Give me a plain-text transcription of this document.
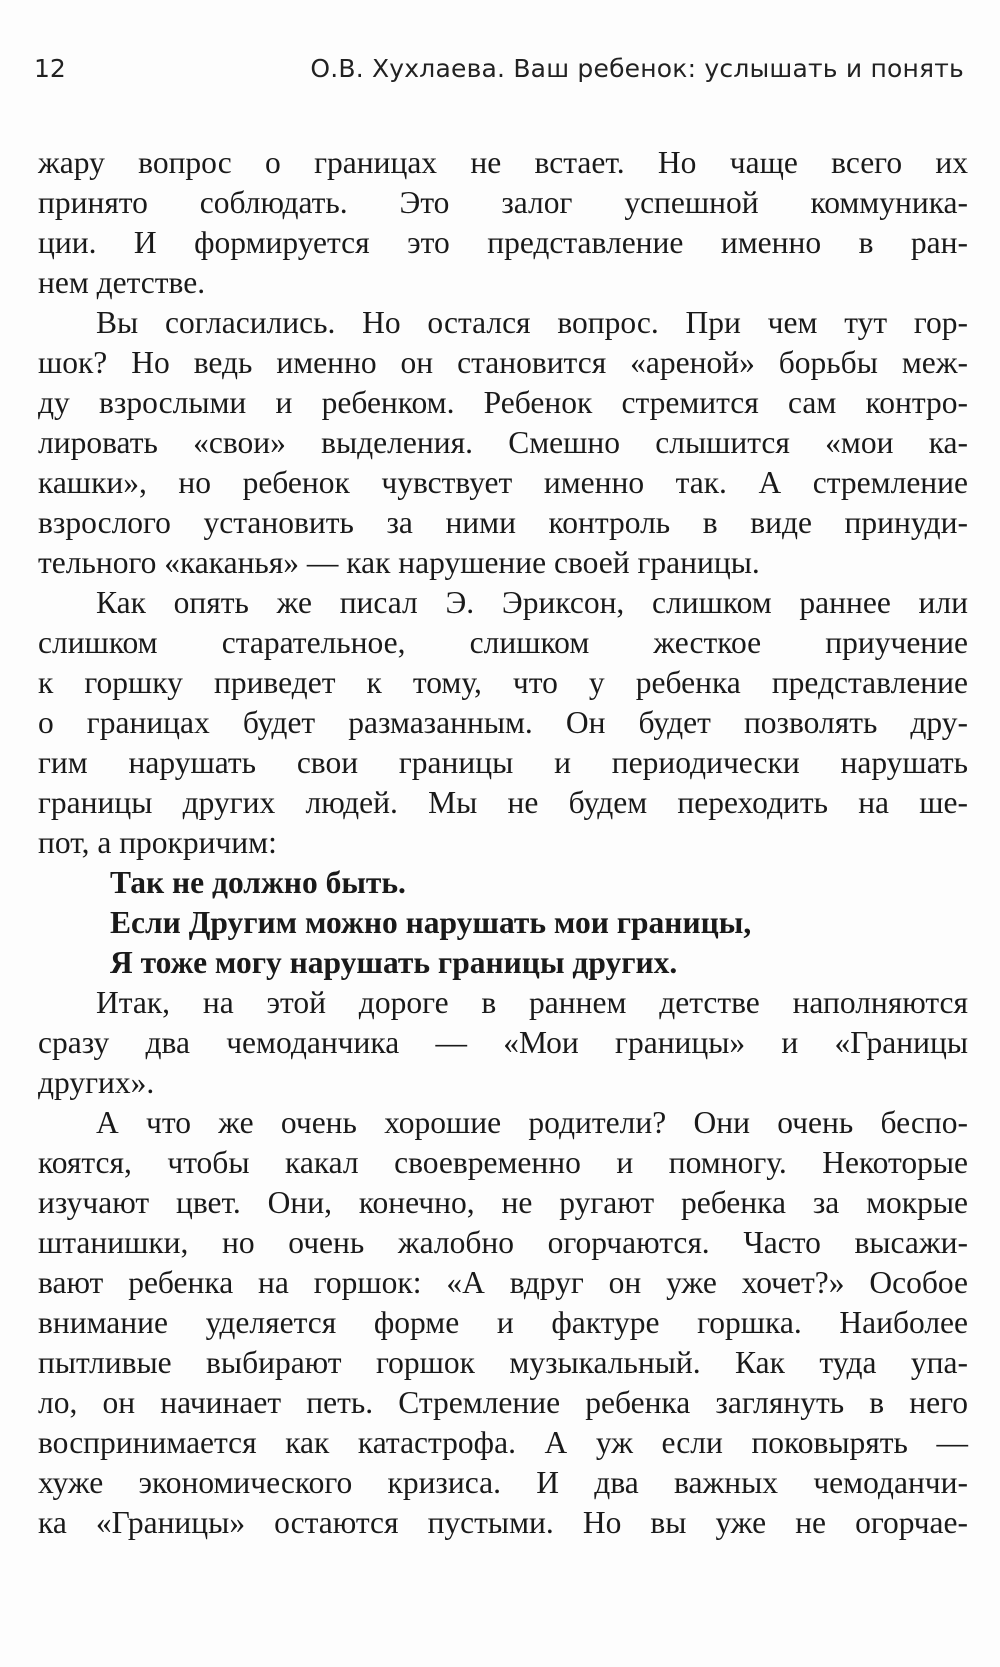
12	О.В. Хухлаева. Ваш ребенок: услышать и понять
жару вопрос о границах не встает. Но чаще всего их
принято соблюдать. Это залог успешной коммуника-
ции. И формируется это представление именно в ран-
нем детстве.
Вы согласились. Но остался вопрос. При чем тут гор-
шок? Но ведь именно он становится «ареной» борьбы меж-
ду взрослыми и ребенком. Ребенок стремится сам контро-
лировать «свои» выделения. Смешно слышится «мои ка-
кашки», но ребенок чувствует именно так. А стремление
взрослого установить за ними контроль в виде принуди-
тельного «каканья» — как нарушение своей границы.
Как опять же писал Э. Эриксон, слишком раннее или
слишком старательное, слишком жесткое приучение
к горшку приведет к тому, что у ребенка представление
о границах будет размазанным. Он будет позволять дру-
гим нарушать свои границы и периодически нарушать
границы других людей. Мы не будем переходить на ше-
пот, а прокричим:
Так не должно быть.
Если Другим можно нарушать мои границы,
Я тоже могу нарушать границы других.
Итак, на этой дороге в раннем детстве наполняются
сразу два чемоданчика — «Мои границы» и «Границы
других».
А что же очень хорошие родители? Они очень беспо-
коятся, чтобы какал своевременно и помногу. Некоторые
изучают цвет. Они, конечно, не ругают ребенка за мокрые
штанишки, но очень жалобно огорчаются. Часто высажи-
вают ребенка на горшок: «А вдруг он уже хочет?» Особое
внимание уделяется форме и фактуре горшка. Наиболее
пытливые выбирают горшок музыкальный. Как туда упа-
ло, он начинает петь. Стремление ребенка заглянуть в него
воспринимается как катастрофа. А уж если поковырять —
хуже экономического кризиса. И два важных чемоданчи-
ка «Границы» остаются пустыми. Но вы уже не огорчае-
